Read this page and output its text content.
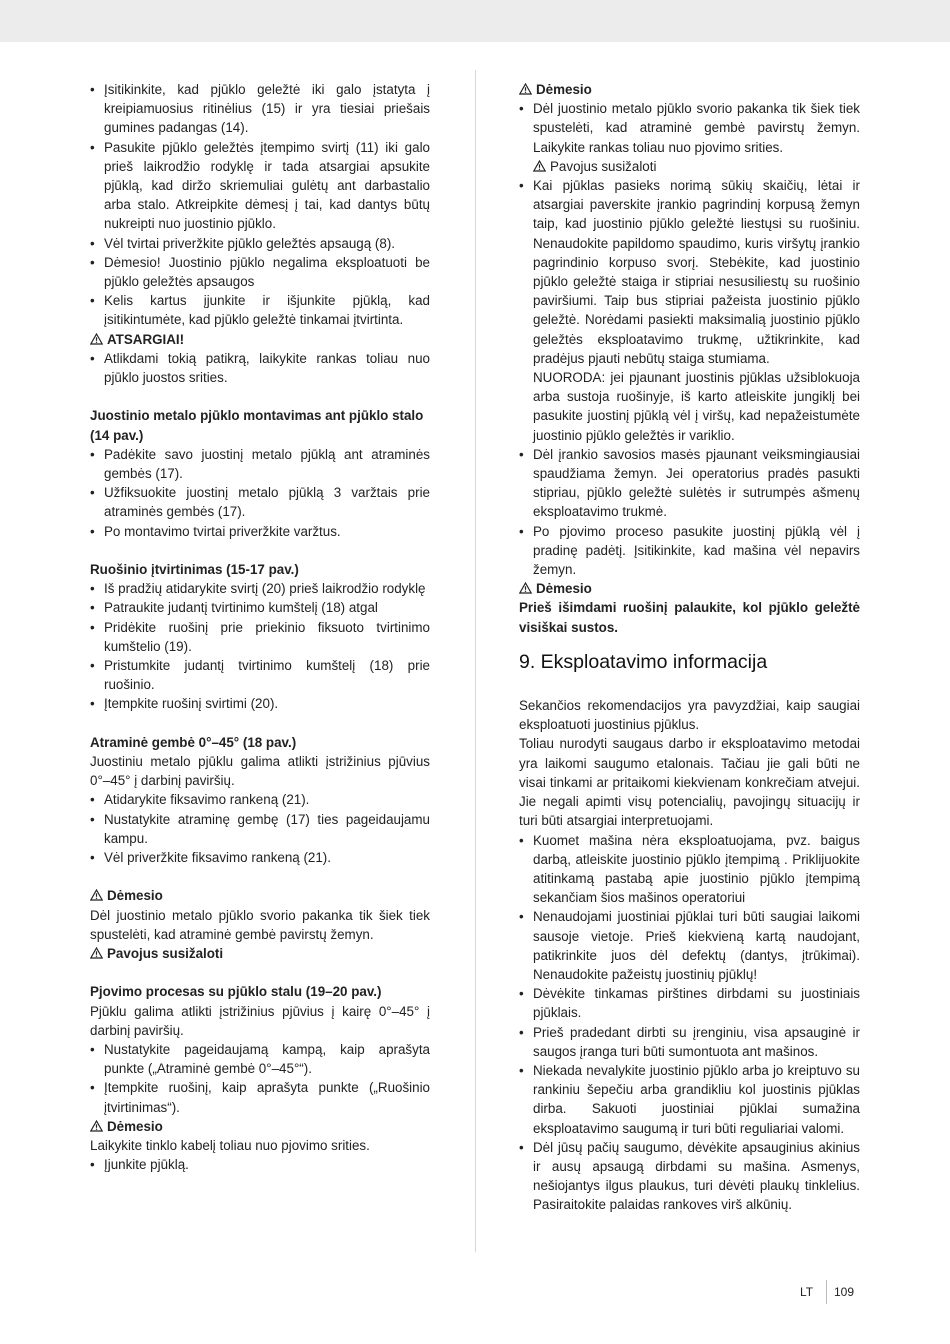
• Įsitikinkite, kad pjūklo geležtė iki galo įstatyta į kreipiamuosius ritinėlius (15) ir yra tiesiai priešais gumines padangas (14).
• Pasukite pjūklo geležtės įtempimo svirtį (11) iki galo prieš laikrodžio rodyklę ir tada atsargiai apsukite pjūklą, kad diržo skriemuliai gulėtų ant darbastalio arba stalo. Atkreipkite dėmesį į tai, kad dantys būtų nukreipti nuo juostinio pjūklo.
• Vėl tvirtai priveržkite pjūklo geležtės apsaugą (8).
• Dėmesio! Juostinio pjūklo negalima eksploatuoti be pjūklo geležtės apsaugos
• Kelis kartus įjunkite ir išjunkite pjūklą, kad įsitikintumėte, kad pjūklo geležtė tinkamai įtvirtinta.

ATSARGIAI!

• Atlikdami tokią patikrą, laikykite rankas toliau nuo pjūklo juostos srities.
Juostinio metalo pjūklo montavimas ant pjūklo stalo (14 pav.)
• Padėkite savo juostinį metalo pjūklą ant atraminės gembės (17).
• Užfiksuokite juostinį metalo pjūklą 3 varžtais prie atraminės gembės (17).
• Po montavimo tvirtai priveržkite varžtus.
Ruošinio įtvirtinimas (15-17 pav.)
• Iš pradžių atidarykite svirtį (20) prieš laikrodžio rodyklę
• Patraukite judantį tvirtinimo kumštelį (18) atgal
• Pridėkite ruošinį prie priekinio fiksuoto tvirtinimo kumštelio (19).
• Pristumkite judantį tvirtinimo kumštelį (18) prie ruošinio.
• Įtempkite ruošinį svirtimi (20).
Atraminė gembė 0°–45° (18 pav.)

Juostiniu metalo pjūklu galima atlikti įstrižinius pjūvius 0°–45° į darbinį paviršių.

• Atidarykite fiksavimo rankeną (21).
• Nustatykite atraminę gembę (17) ties pageidaujamu kampu.
• Vėl priveržkite fiksavimo rankeną (21).

Dėmesio

Dėl juostinio metalo pjūklo svorio pakanka tik šiek tiek spustelėti, kad atraminė gembė pavirstų žemyn.

Pavojus susižaloti

Pjovimo procesas su pjūklo stalu (19–20 pav.)

Pjūklu galima atlikti įstrižinius pjūvius į kairę 0°–45° į darbinį paviršių.

• Nustatykite pageidaujamą kampą, kaip aprašyta punkte („Atraminė gembė 0°–45°“).
• Įtempkite ruošinį, kaip aprašyta punkte („Ruošinio įtvirtinimas“).

Dėmesio

Laikykite tinklo kabelį toliau nuo pjovimo srities.

• Įjunkite pjūklą.

Dėmesio

• Dėl juostinio metalo pjūklo svorio pakanka tik šiek tiek spustelėti, kad atraminė gembė pavirstų žemyn. Laikykite rankas toliau nuo pjovimo srities.

Pavojus susižaloti
• Kai pjūklas pasieks norimą sūkių skaičių, lėtai ir atsargiai paverskite įrankio pagrindinį korpusą žemyn taip, kad juostinio pjūklo geležtė liestųsi su ruošiniu. Nenaudokite papildomo spaudimo, kuris viršytų įrankio pagrindinio korpuso svorį. Stebėkite, kad juostinio pjūklo geležtė staiga ir stipriai nesusiliestų su ruošinio paviršiumi. Taip bus stipriai pažeista juostinio pjūklo geležtė. Norėdami pasiekti maksimalią juostinio pjūklo geležtės eksploatavimo trukmę, užtikrinkite, kad pradėjus pjauti nebūtų staiga stumiama.
NUORODA: jei pjaunant juostinis pjūklas užsiblokuoja arba sustoja ruošinyje, iš karto atleiskite jungiklį bei pasukite juostinį pjūklą vėl į viršų, kad nepažeistumėte juostinio pjūklo geležtės ir variklio.
• Dėl įrankio savosios masės pjaunant veiksmingiausiai spaudžiama žemyn. Jei operatorius pradės pasukti stipriau, pjūklo geležtė sulėtės ir sutrumpės ašmenų eksploatavimo trukmė.
• Po pjovimo proceso pasukite juostinį pjūklą vėl į pradinę padėtį. Įsitikinkite, kad mašina vėl nepavirs žemyn.

Dėmesio

Prieš išimdami ruošinį palaukite, kol pjūklo geležtė visiškai sustos.

9. Eksploatavimo informacija

Sekančios rekomendacijos yra pavyzdžiai, kaip saugiai eksploatuoti juostinius pjūklus.

Toliau nurodyti saugaus darbo ir eksploatavimo metodai yra laikomi saugumo etalonais. Tačiau jie gali būti ne visai tinkami ar pritaikomi kiekvienam konkrečiam atvejui. Jie negali apimti visų potencialių, pavojingų situacijų ir turi būti atsargiai interpretuojami.

• Kuomet mašina nėra eksploatuojama, pvz. baigus darbą, atleiskite juostinio pjūklo įtempimą . Priklijuokite atitinkamą pastabą apie juostinio pjūklo įtempimą sekančiam šios mašinos operatoriui
• Nenaudojami juostiniai pjūklai turi būti saugiai laikomi sausoje vietoje. Prieš kiekvieną kartą naudojant, patikrinkite juos dėl defektų (dantys, įtrūkimai). Nenaudokite pažeistų juostinių pjūklų!
• Dėvėkite tinkamas pirštines dirbdami su juostiniais pjūklais.
• Prieš pradedant dirbti su įrenginiu, visa apsauginė ir saugos įranga turi būti sumontuota ant mašinos.
• Niekada nevalykite juostinio pjūklo arba jo kreiptuvo su rankiniu šepečiu arba grandikliu kol juostinis pjūklas dirba. Sakuoti juostiniai pjūklai sumažina eksploatavimo saugumą ir turi būti reguliariai valomi.
• Dėl jūsų pačių saugumo, dėvėkite apsauginius akinius ir ausų apsaugą dirbdami su mašina. Asmenys, nešiojantys ilgus plaukus, turi dėvėti plaukų tinklelius. Pasiraitokite palaidas rankoves virš alkūnių.
LT 109
